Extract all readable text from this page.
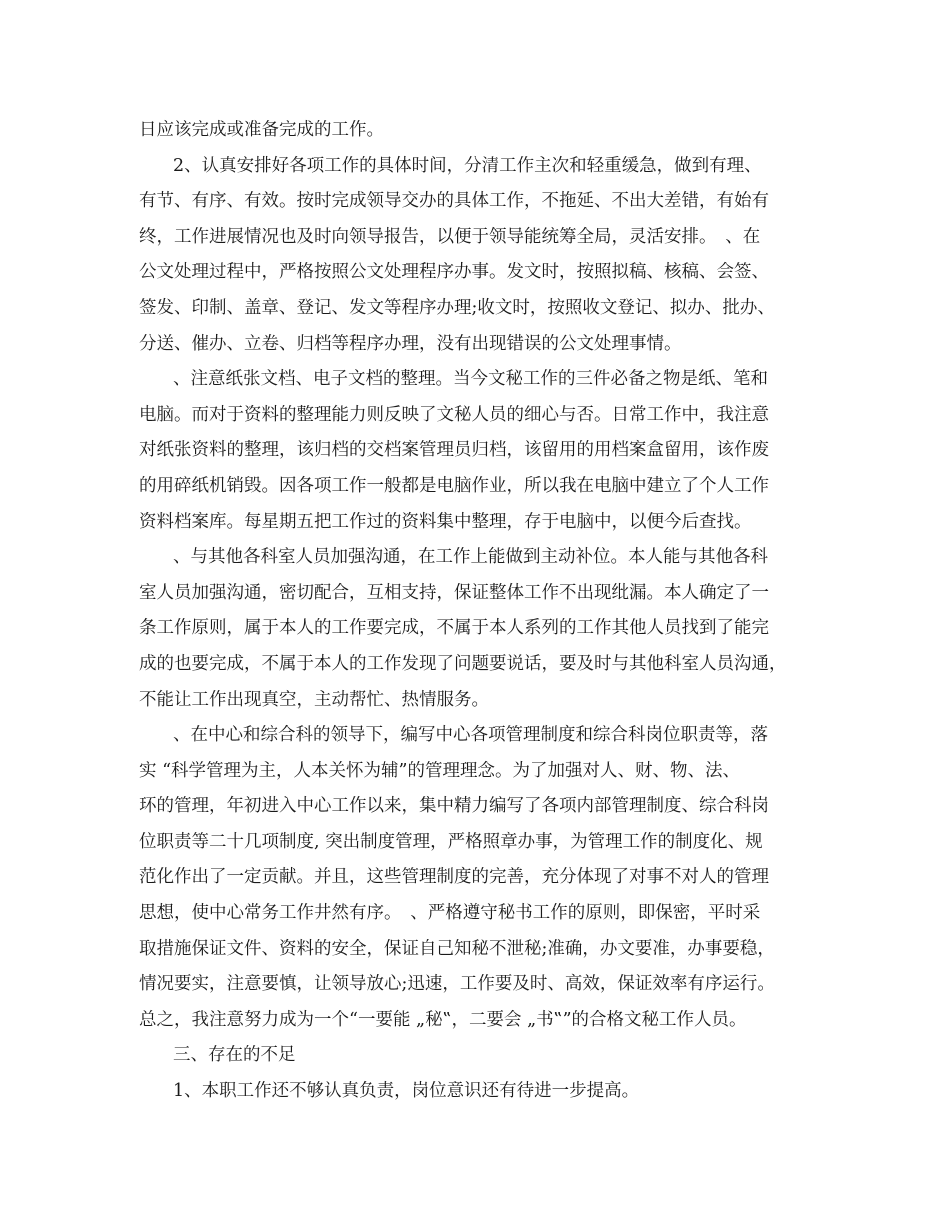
日应该完成或准备完成的工作。
2、认真安排好各项工作的具体时间，分清工作主次和轻重缓急，做到有理、
有节、有序、有效。按时完成领导交办的具体工作，不拖延、不出大差错，有始有
终，工作进展情况也及时向领导报告，以便于领导能统筹全局，灵活安排。　、在
公文处理过程中，严格按照公文处理程序办事。发文时，按照拟稿、核稿、会签、
签发、印制、盖章、登记、发文等程序办理;收文时，按照收文登记、拟办、批办、
分送、催办、立卷、归档等程序办理，没有出现错误的公文处理事情。
、注意纸张文档、电子文档的整理。当今文秘工作的三件必备之物是纸、笔和
电脑。而对于资料的整理能力则反映了文秘人员的细心与否。日常工作中，我注意
对纸张资料的整理，该归档的交档案管理员归档，该留用的用档案盒留用，该作废
的用碎纸机销毁。因各项工作一般都是电脑作业，所以我在电脑中建立了个人工作
资料档案库。每星期五把工作过的资料集中整理，存于电脑中，以便今后查找。
、与其他各科室人员加强沟通，在工作上能做到主动补位。本人能与其他各科
室人员加强沟通，密切配合，互相支持，保证整体工作不出现纰漏。本人确定了一
条工作原则，属于本人的工作要完成，不属于本人系列的工作其他人员找到了能完
成的也要完成，不属于本人的工作发现了问题要说话，要及时与其他科室人员沟通，
不能让工作出现真空，主动帮忙、热情服务。
、在中心和综合科的领导下，编写中心各项管理制度和综合科岗位职责等，落
实 “科学管理为主，人本关怀为辅”的管理理念。为了加强对人、财、物、法、
环的管理，年初进入中心工作以来，集中精力编写了各项内部管理制度、综合科岗
位职责等二十几项制度, 突出制度管理，严格照章办事，为管理工作的制度化、规
范化作出了一定贡献。并且，这些管理制度的完善，充分体现了对事不对人的管理
思想，使中心常务工作井然有序。　、严格遵守秘书工作的原则，即保密，平时采
取措施保证文件、资料的安全，保证自己知秘不泄秘;准确，办文要准，办事要稳，
情况要实，注意要慎，让领导放心;迅速，工作要及时、高效，保证效率有序运行。
总之，我注意努力成为一个“一要能 „秘‟，二要会 „书‟”的合格文秘工作人员。
三、存在的不足
1、本职工作还不够认真负责，岗位意识还有待进一步提高。
